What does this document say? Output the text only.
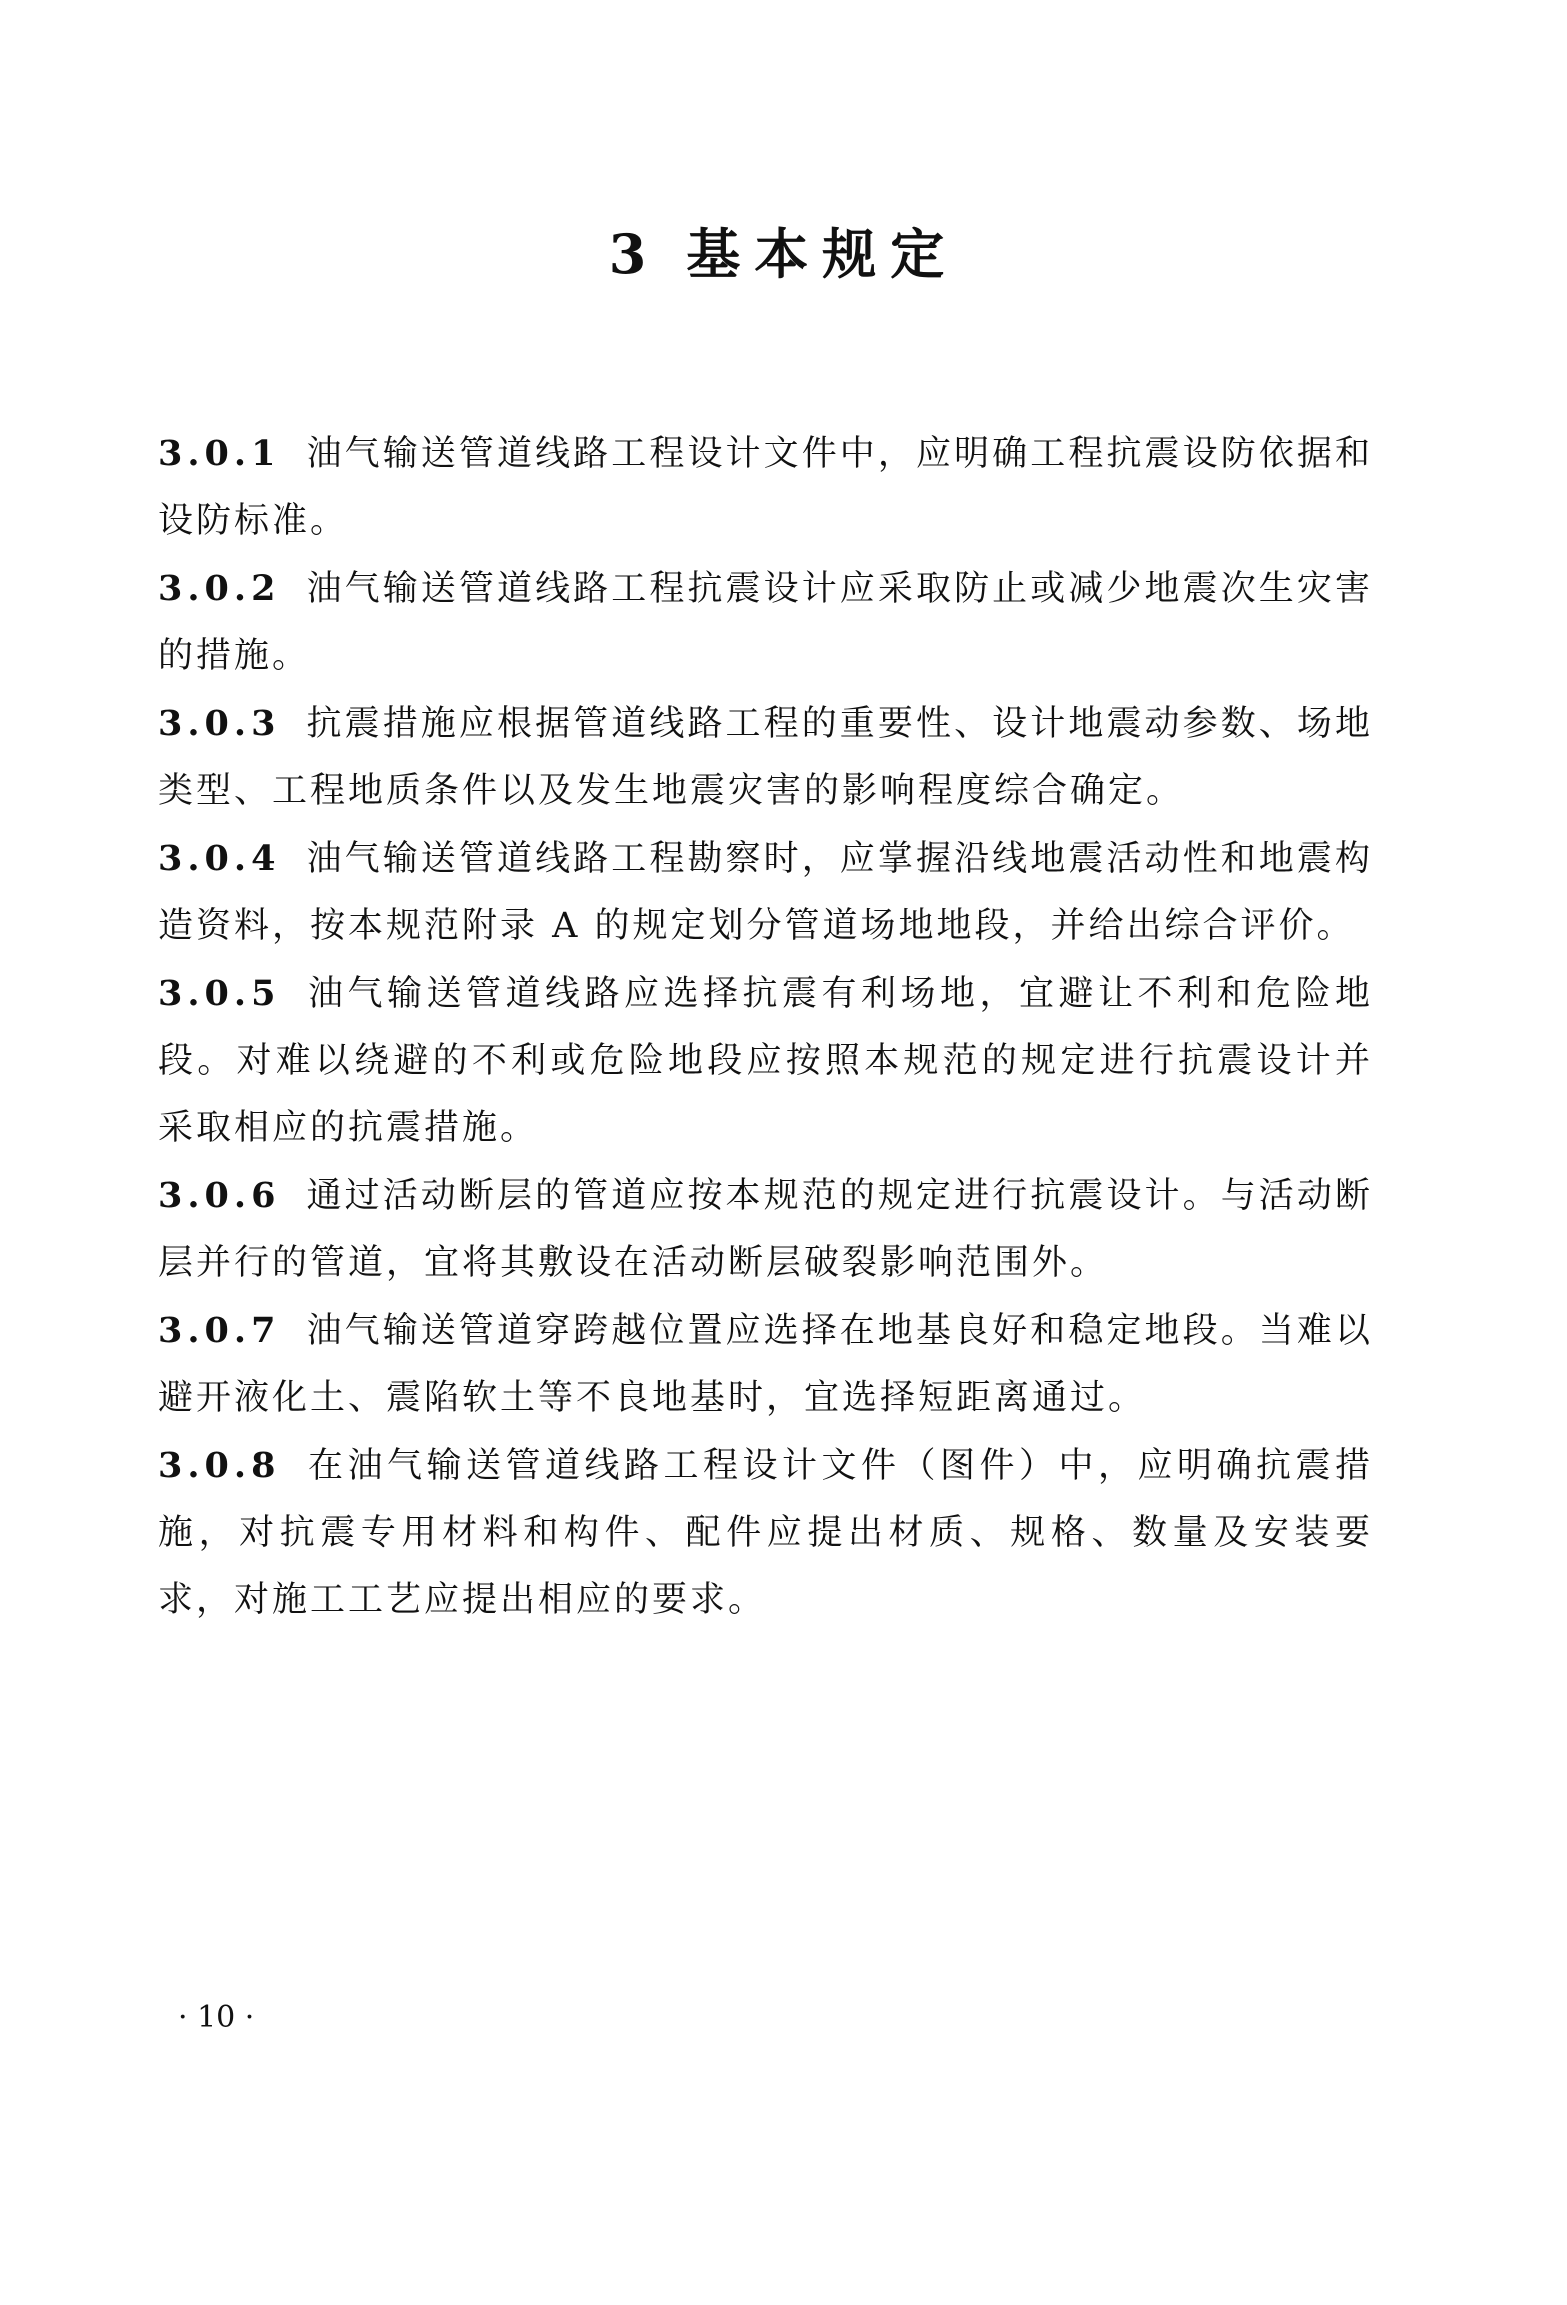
3 基本规定

3.0.1 油气输送管道线路工程设计文件中，应明确工程抗震设防依据和设防标准。

3.0.2 油气输送管道线路工程抗震设计应采取防止或减少地震次生灾害的措施。

3.0.3 抗震措施应根据管道线路工程的重要性、设计地震动参数、场地类型、工程地质条件以及发生地震灾害的影响程度综合确定。

3.0.4 油气输送管道线路工程勘察时，应掌握沿线地震活动性和地震构造资料，按本规范附录 A 的规定划分管道场地地段，并给出综合评价。

3.0.5 油气输送管道线路应选择抗震有利场地，宜避让不利和危险地段。对难以绕避的不利或危险地段应按照本规范的规定进行抗震设计并采取相应的抗震措施。

3.0.6 通过活动断层的管道应按本规范的规定进行抗震设计。与活动断层并行的管道，宜将其敷设在活动断层破裂影响范围外。

3.0.7 油气输送管道穿跨越位置应选择在地基良好和稳定地段。当难以避开液化土、震陷软土等不良地基时，宜选择短距离通过。

3.0.8 在油气输送管道线路工程设计文件（图件）中，应明确抗震措施，对抗震专用材料和构件、配件应提出材质、规格、数量及安装要求，对施工工艺应提出相应的要求。

· 10 ·
